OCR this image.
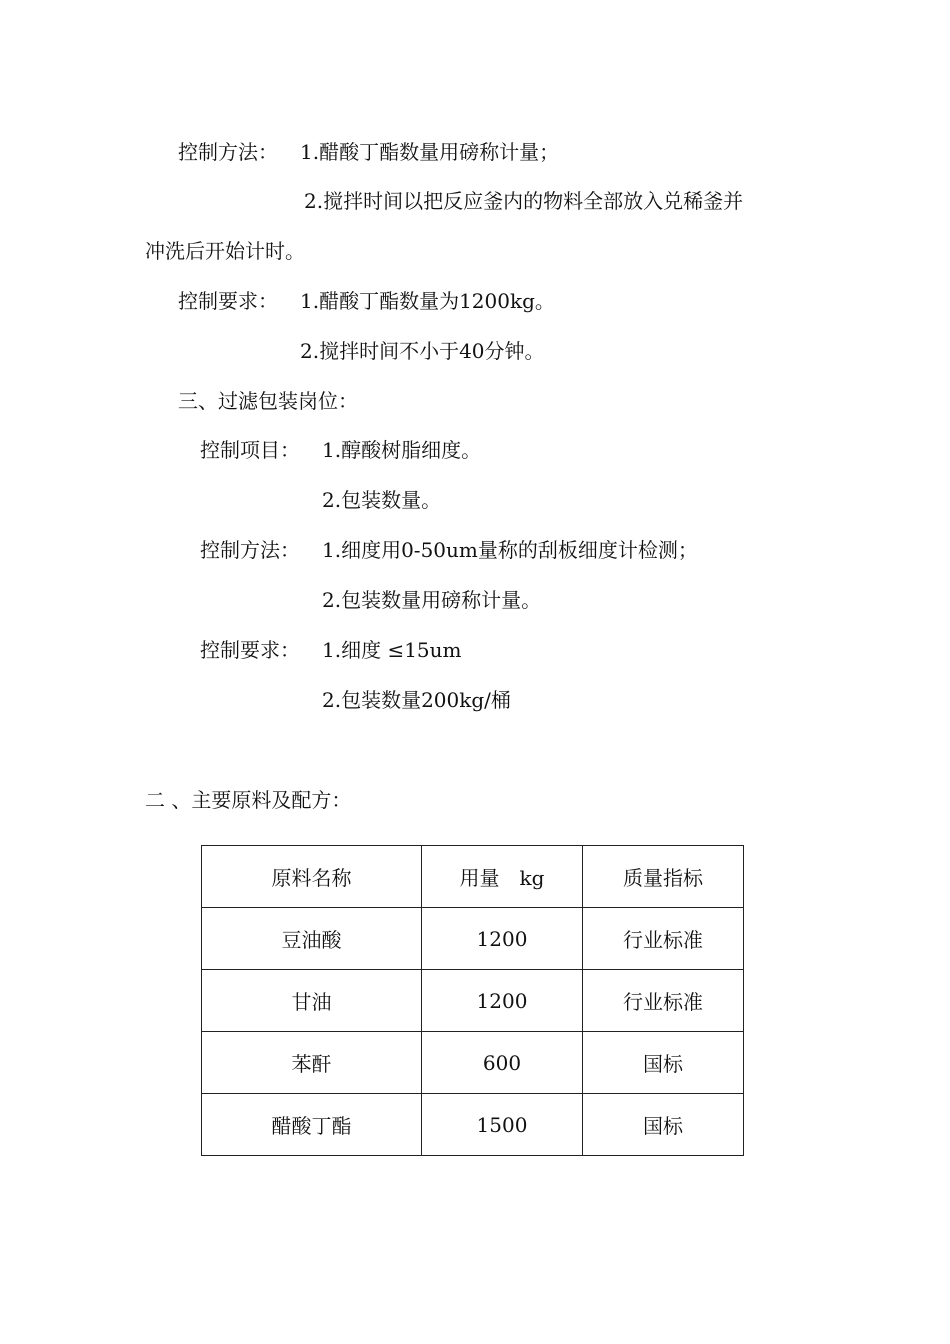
控制方法： 1.醋酸丁酯数量用磅称计量；
2.搅拌时间以把反应釜内的物料全部放入兑稀釜并
冲洗后开始计时。
控制要求： 1.醋酸丁酯数量为1200kg。
2.搅拌时间不小于40分钟。
三、过滤包装岗位：
控制项目： 1.醇酸树脂细度。
2.包装数量。
控制方法： 1.细度用0-50um量称的刮板细度计检测；
2.包装数量用磅称计量。
控制要求： 1.细度 ≤15um
2.包装数量200kg/桶
二 、主要原料及配方：
原料名称	用量　kg	质量指标
豆油酸	1200	行业标准
甘油	1200	行业标准
苯酐	600	国标
醋酸丁酯	1500	国标
